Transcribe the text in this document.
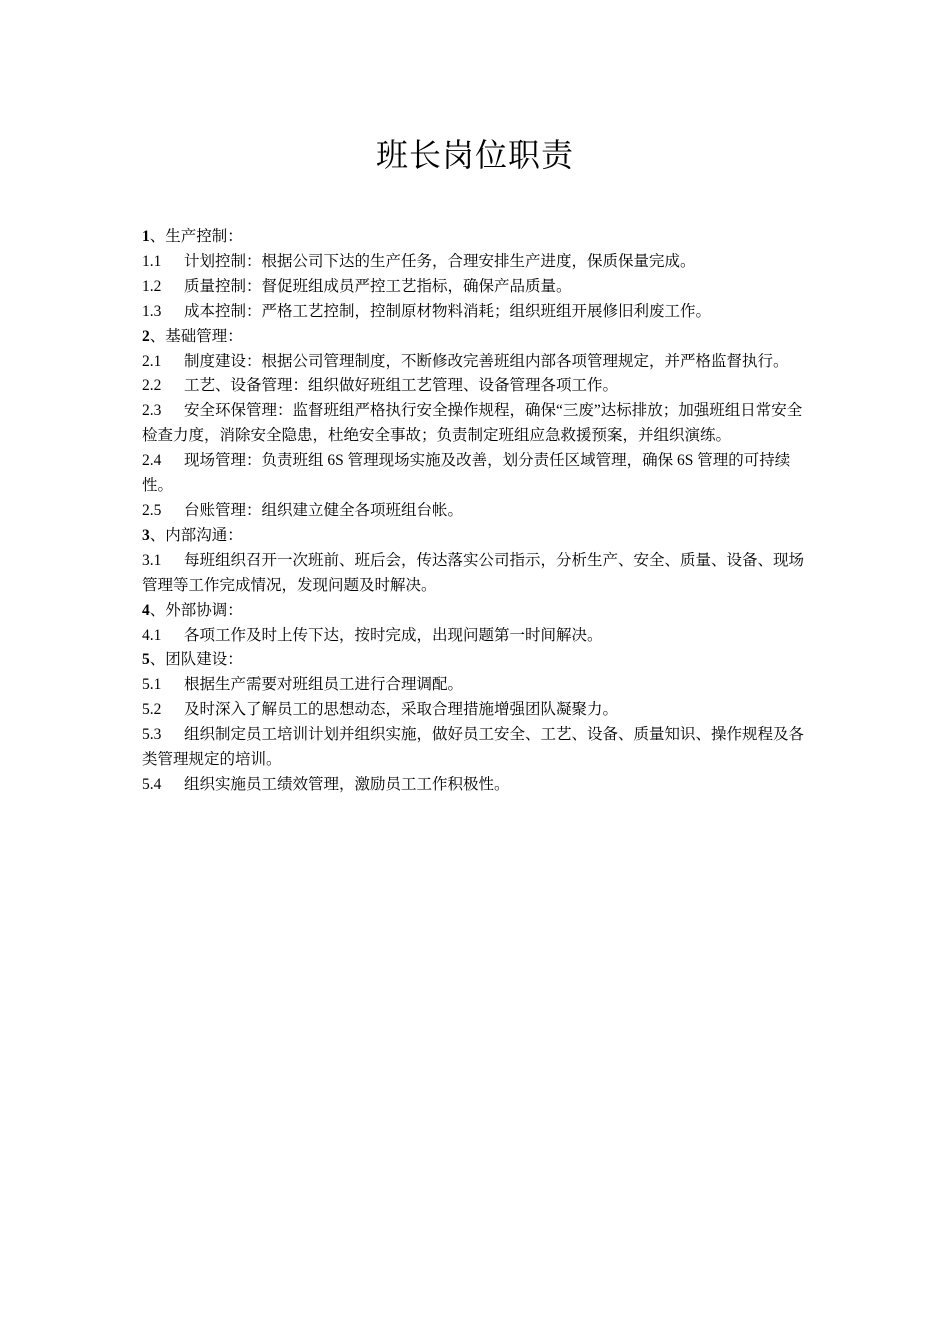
班长岗位职责

1、生产控制：

1.1 计划控制：根据公司下达的生产任务，合理安排生产进度，保质保量完成。

1.2 质量控制：督促班组成员严控工艺指标，确保产品质量。

1.3 成本控制：严格工艺控制，控制原材物料消耗；组织班组开展修旧利废工作。

2、基础管理：

2.1 制度建设：根据公司管理制度，不断修改完善班组内部各项管理规定，并严格监督执行。

2.2 工艺、设备管理：组织做好班组工艺管理、设备管理各项工作。

2.3 安全环保管理：监督班组严格执行安全操作规程，确保“三废”达标排放；加强班组日常安全检查力度，消除安全隐患，杜绝安全事故；负责制定班组应急救援预案，并组织演练。

2.4 现场管理：负责班组 6S 管理现场实施及改善，划分责任区域管理，确保 6S 管理的可持续性。

2.5 台账管理：组织建立健全各项班组台帐。

3、内部沟通：

3.1 每班组织召开一次班前、班后会，传达落实公司指示，分析生产、安全、质量、设备、现场管理等工作完成情况，发现问题及时解决。

4、外部协调：

4.1 各项工作及时上传下达，按时完成，出现问题第一时间解决。

5、团队建设：

5.1 根据生产需要对班组员工进行合理调配。

5.2 及时深入了解员工的思想动态，采取合理措施增强团队凝聚力。

5.3 组织制定员工培训计划并组织实施，做好员工安全、工艺、设备、质量知识、操作规程及各类管理规定的培训。

5.4 组织实施员工绩效管理，激励员工工作积极性。
